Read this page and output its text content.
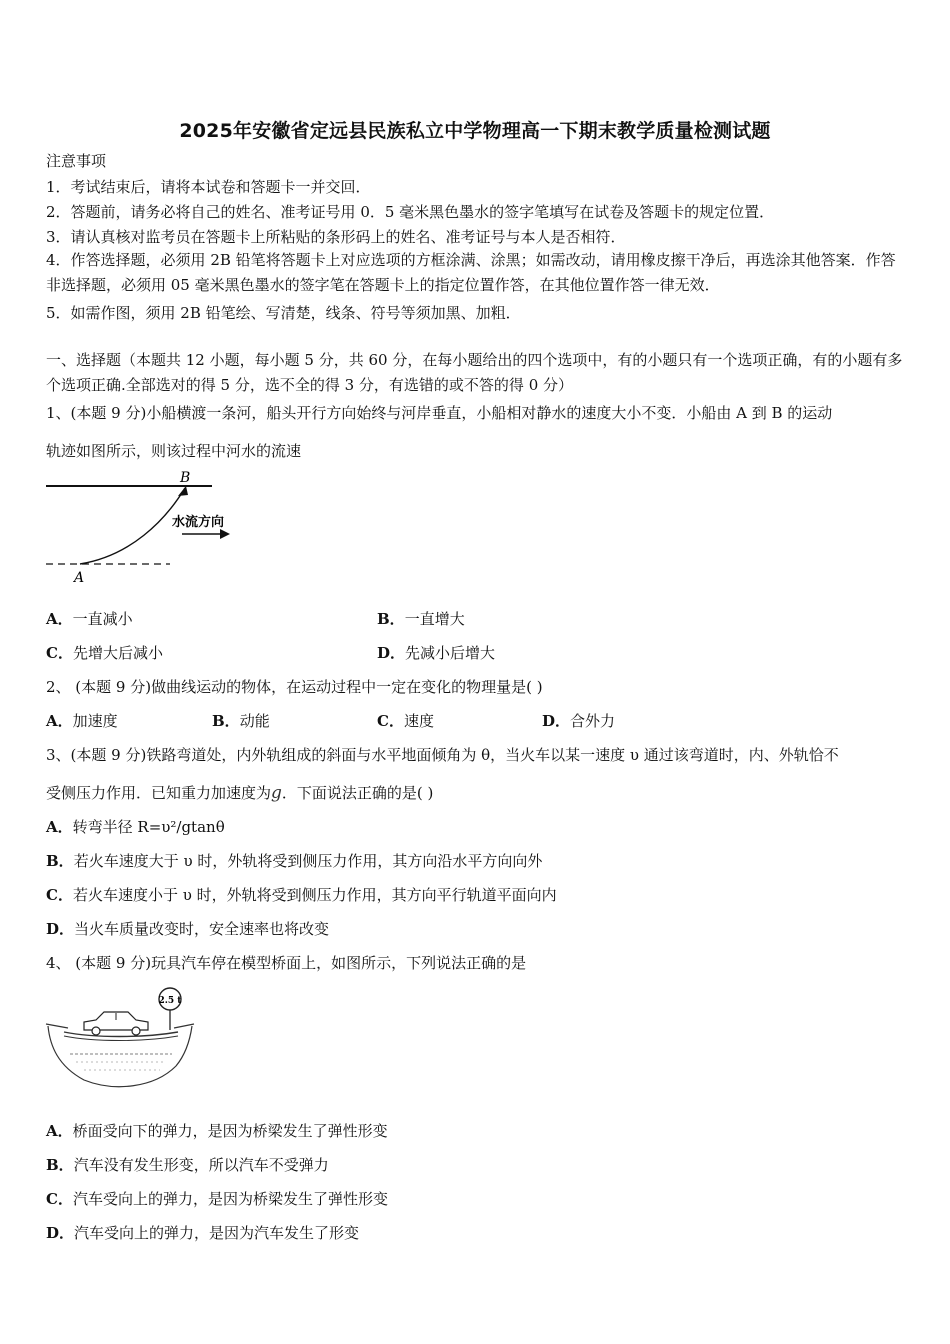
2025年安徽省定远县民族私立中学物理高一下期末教学质量检测试题
注意事项
1．考试结束后，请将本试卷和答题卡一并交回．
2．答题前，请务必将自己的姓名、准考证号用 0．5 毫米黑色墨水的签字笔填写在试卷及答题卡的规定位置．
3．请认真核对监考员在答题卡上所粘贴的条形码上的姓名、准考证号与本人是否相符．
4．作答选择题，必须用 2B 铅笔将答题卡上对应选项的方框涂满、涂黑；如需改动，请用橡皮擦干净后，再选涂其他答案．作答非选择题，必须用 05 毫米黑色墨水的签字笔在答题卡上的指定位置作答，在其他位置作答一律无效．
5．如需作图，须用 2B 铅笔绘、写清楚，线条、符号等须加黑、加粗．
一、选择题（本题共 12 小题，每小题 5 分，共 60 分，在每小题给出的四个选项中，有的小题只有一个选项正确，有的小题有多个选项正确.全部选对的得 5 分，选不全的得 3 分，有选错的或不答的得 0 分）
1、(本题 9 分)小船横渡一条河，船头开行方向始终与河岸垂直，小船相对静水的速度大小不变．小船由 A 到 B 的运动
轨迹如图所示，则该过程中河水的流速
水流方向
B
A
A．一直减小	B．一直增大
C．先增大后减小	D．先减小后增大
2、 (本题 9 分)做曲线运动的物体，在运动过程中一定在变化的物理量是( )
A．加速度	B．动能	C．速度	D．合外力
3、(本题 9 分)铁路弯道处，内外轨组成的斜面与水平地面倾角为 θ，当火车以某一速度 υ 通过该弯道时，内、外轨恰不
受侧压力作用．已知重力加速度为g．下面说法正确的是( )
A．转弯半径 R=υ²/gtanθ
B．若火车速度大于 υ 时，外轨将受到侧压力作用，其方向沿水平方向向外
C．若火车速度小于 υ 时，外轨将受到侧压力作用，其方向平行轨道平面向内
D．当火车质量改变时，安全速率也将改变
4、 (本题 9 分)玩具汽车停在模型桥面上，如图所示，下列说法正确的是
2.5 t
A．桥面受向下的弹力，是因为桥梁发生了弹性形变
B．汽车没有发生形变，所以汽车不受弹力
C．汽车受向上的弹力，是因为桥梁发生了弹性形变
D．汽车受向上的弹力，是因为汽车发生了形变
